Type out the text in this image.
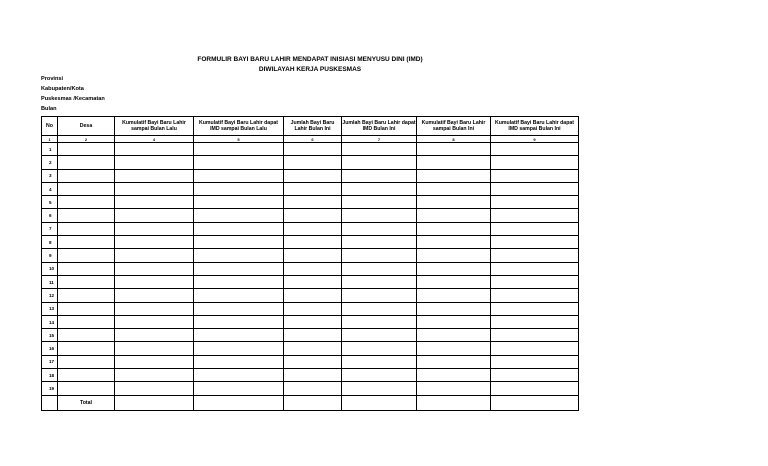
FORMULIR BAYI BARU LAHIR MENDAPAT INISIASI MENYUSU DINI (IMD)
DIWILAYAH KERJA PUSKESMAS
Provinsi
Kabupaten/Kota
Puskesmas /Kecamatan
Bulan
No	Desa	Kumulatif Bayi Baru Lahir sampai Bulan Lalu	Kumulatif Bayi Baru Lahir dapat IMD sampai Bulan Lalu	Jumlah Bayi Baru Lahir Bulan Ini	Jumlah Bayi Baru Lahir dapat IMD Bulan Ini	Kumulatif Bayi Baru Lahir sampai Bulan Ini	Kumulatif Bayi Baru Lahir dapat IMD sampai Bulan Ini
1	2	4	5	6	7	8	9
1							
2							
3							
4							
5							
6							
7							
8							
9							
10							
11							
12							
13							
14							
15							
16							
17							
18							
19							
	Total						
